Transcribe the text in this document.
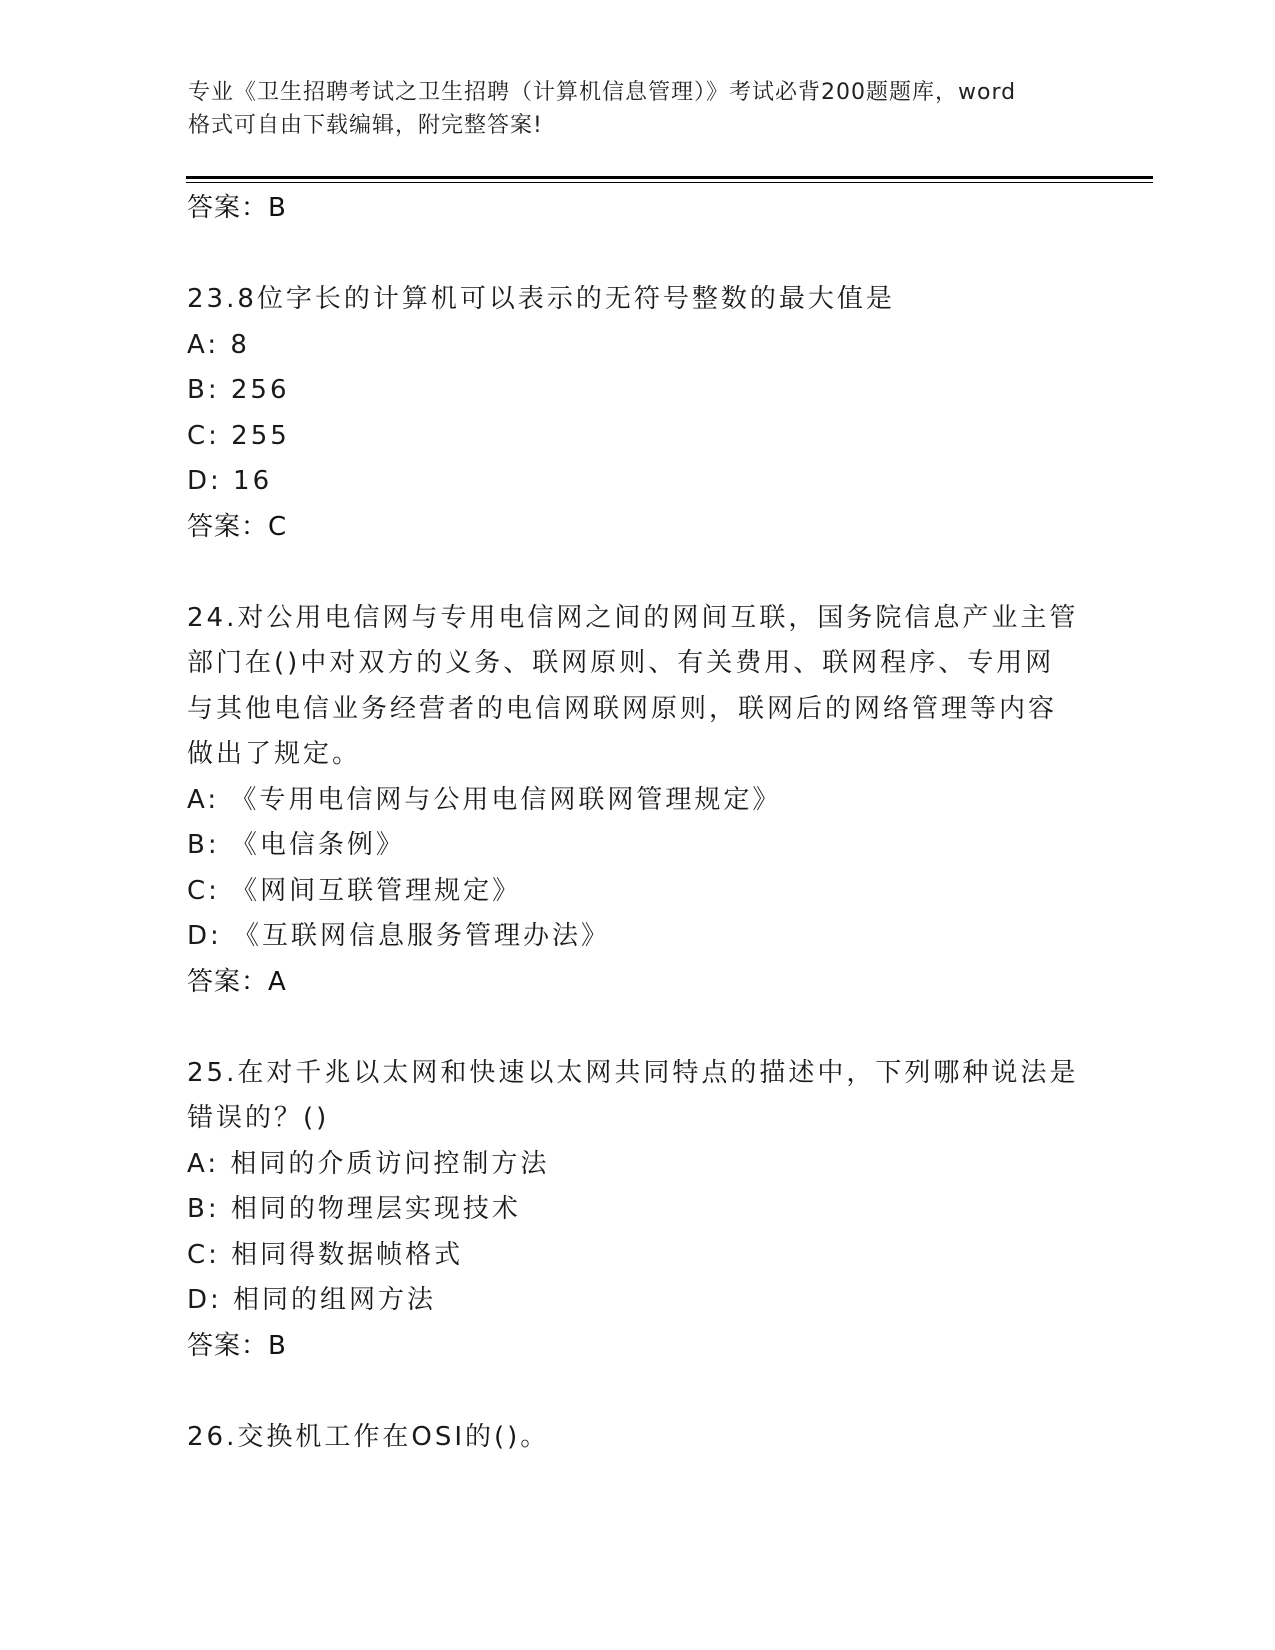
专业《卫生招聘考试之卫生招聘（计算机信息管理）》考试必背200题题库，word
格式可自由下载编辑，附完整答案!
答案：B
23.8位字长的计算机可以表示的无符号整数的最大值是
A: 8
B: 256
C: 255
D: 16
答案：C
24.对公用电信网与专用电信网之间的网间互联，国务院信息产业主管
部门在()中对双方的义务、联网原则、有关费用、联网程序、专用网
与其他电信业务经营者的电信网联网原则，联网后的网络管理等内容
做出了规定。
A: 《专用电信网与公用电信网联网管理规定》
B: 《电信条例》
C: 《网间互联管理规定》
D: 《互联网信息服务管理办法》
答案：A
25.在对千兆以太网和快速以太网共同特点的描述中，下列哪种说法是
错误的？()
A: 相同的介质访问控制方法
B: 相同的物理层实现技术
C: 相同得数据帧格式
D: 相同的组网方法
答案：B
26.交换机工作在OSI的()。
